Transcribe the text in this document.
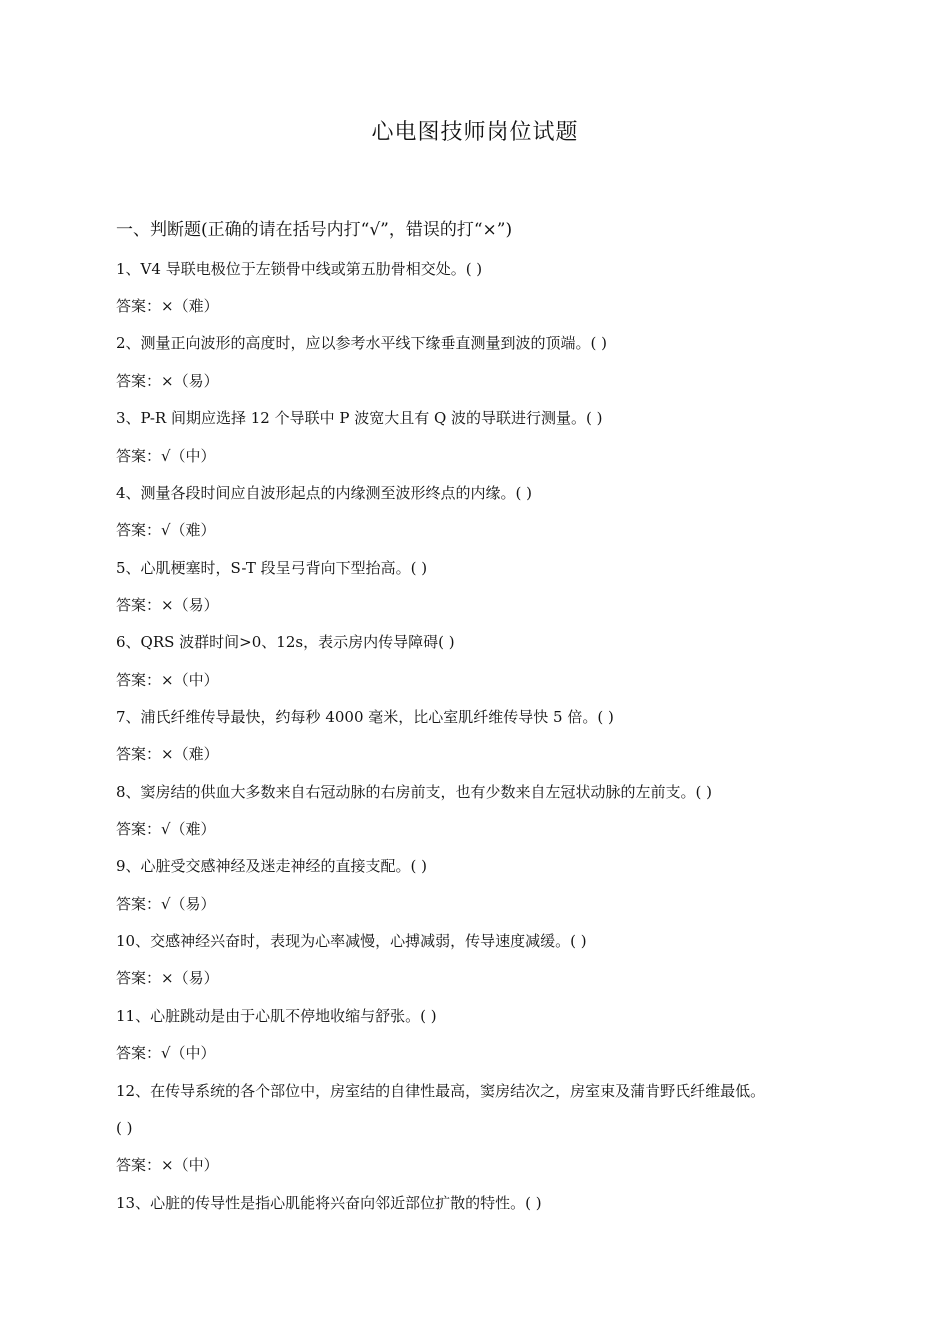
心电图技师岗位试题
一、判断题(正确的请在括号内打“√”，错误的打“×”)
1、V4 导联电极位于左锁骨中线或第五肋骨相交处。( )
答案：×（难）
2、测量正向波形的高度时，应以参考水平线下缘垂直测量到波的顶端。( )
答案：×（易）
3、P-R 间期应选择 12 个导联中 P 波宽大且有 Q 波的导联进行测量。( )
答案：√（中）
4、测量各段时间应自波形起点的内缘测至波形终点的内缘。( )
答案：√（难）
5、心肌梗塞时，S-T 段呈弓背向下型抬高。( )
答案：×（易）
6、QRS 波群时间>0、12s，表示房内传导障碍( )
答案：×（中）
7、浦氏纤维传导最快，约每秒 4000 毫米，比心室肌纤维传导快 5 倍。( )
答案：×（难）
8、窦房结的供血大多数来自右冠动脉的右房前支，也有少数来自左冠状动脉的左前支。( )
答案：√（难）
9、心脏受交感神经及迷走神经的直接支配。( )
答案：√（易）
10、交感神经兴奋时，表现为心率减慢，心搏减弱，传导速度减缓。( )
答案：×（易）
11、心脏跳动是由于心肌不停地收缩与舒张。( )
答案：√（中）
12、在传导系统的各个部位中，房室结的自律性最高，窦房结次之，房室束及蒲肯野氏纤维最低。
( )
答案：×（中）
13、心脏的传导性是指心肌能将兴奋向邻近部位扩散的特性。( )
